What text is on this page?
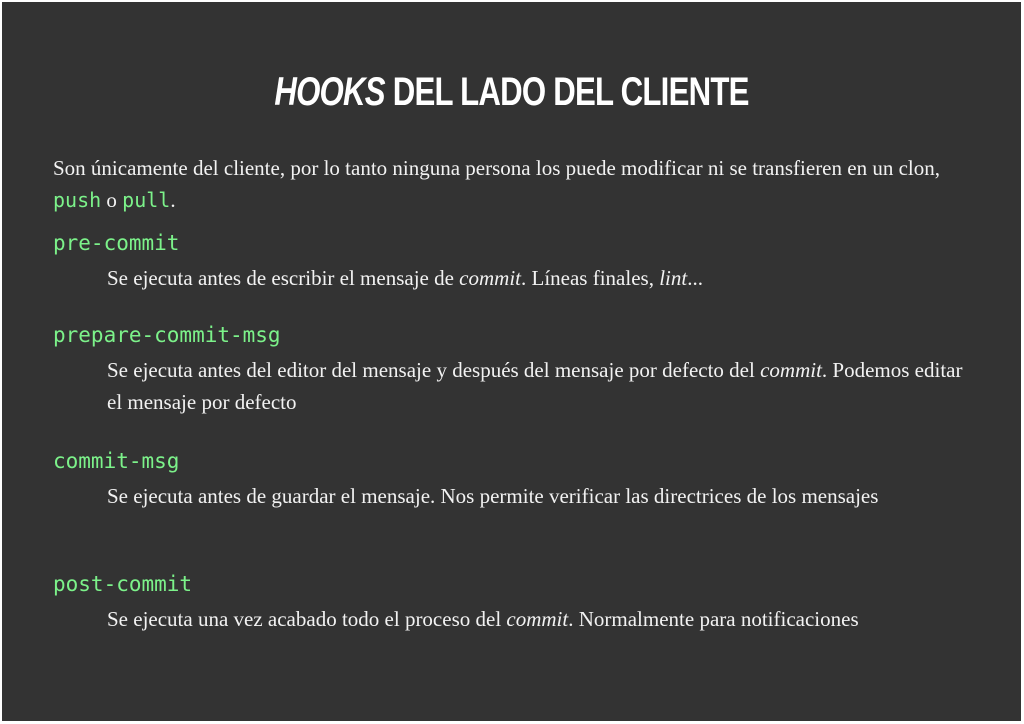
HOOKS DEL LADO DEL CLIENTE
Son únicamente del cliente, por lo tanto ninguna persona los puede modificar ni se transfieren en un clon, push o pull.
pre-commit
Se ejecuta antes de escribir el mensaje de commit. Líneas finales, lint...
prepare-commit-msg
Se ejecuta antes del editor del mensaje y después del mensaje por defecto del commit. Podemos editar el mensaje por defecto
commit-msg
Se ejecuta antes de guardar el mensaje. Nos permite verificar las directrices de los mensajes
post-commit
Se ejecuta una vez acabado todo el proceso del commit. Normalmente para notificaciones
